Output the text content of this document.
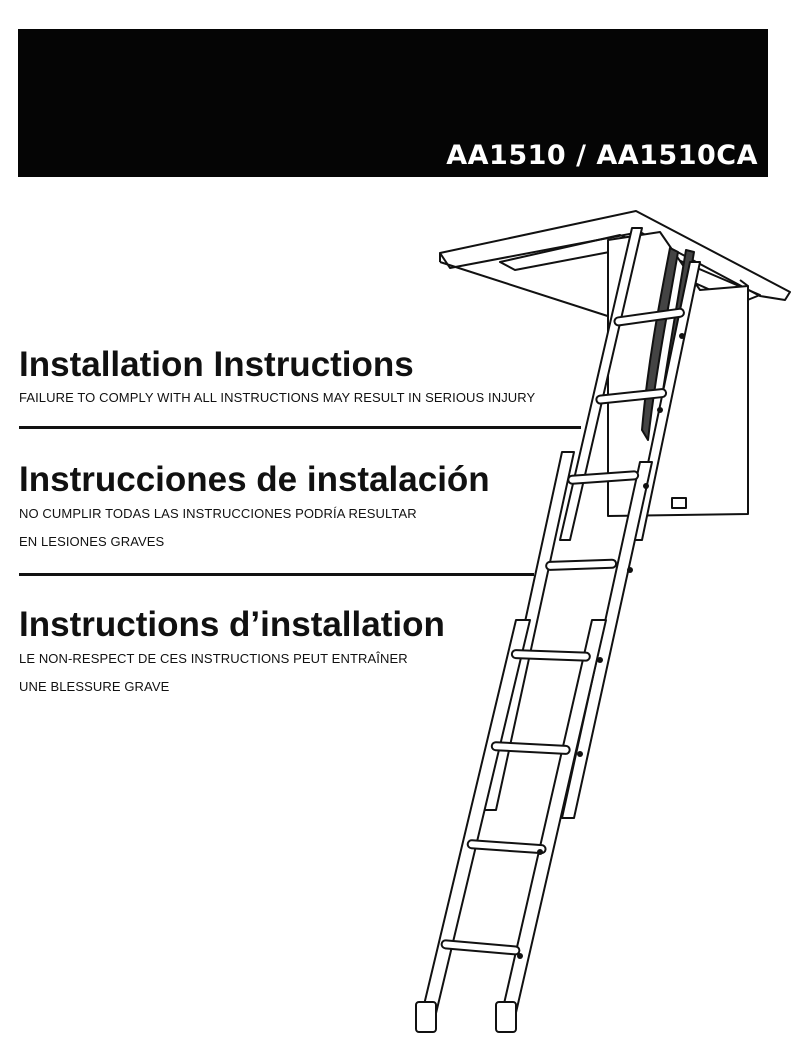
AA1510 / AA1510CA
Installation Instructions

FAILURE TO COMPLY WITH ALL INSTRUCTIONS MAY RESULT IN SERIOUS INJURY

Instrucciones de instalación

NO CUMPLIR TODAS LAS INSTRUCCIONES PODRÍA RESULTAR

EN LESIONES GRAVES

Instructions d’installation

LE NON-RESPECT DE CES INSTRUCTIONS PEUT ENTRAÎNER

UNE BLESSURE GRAVE
